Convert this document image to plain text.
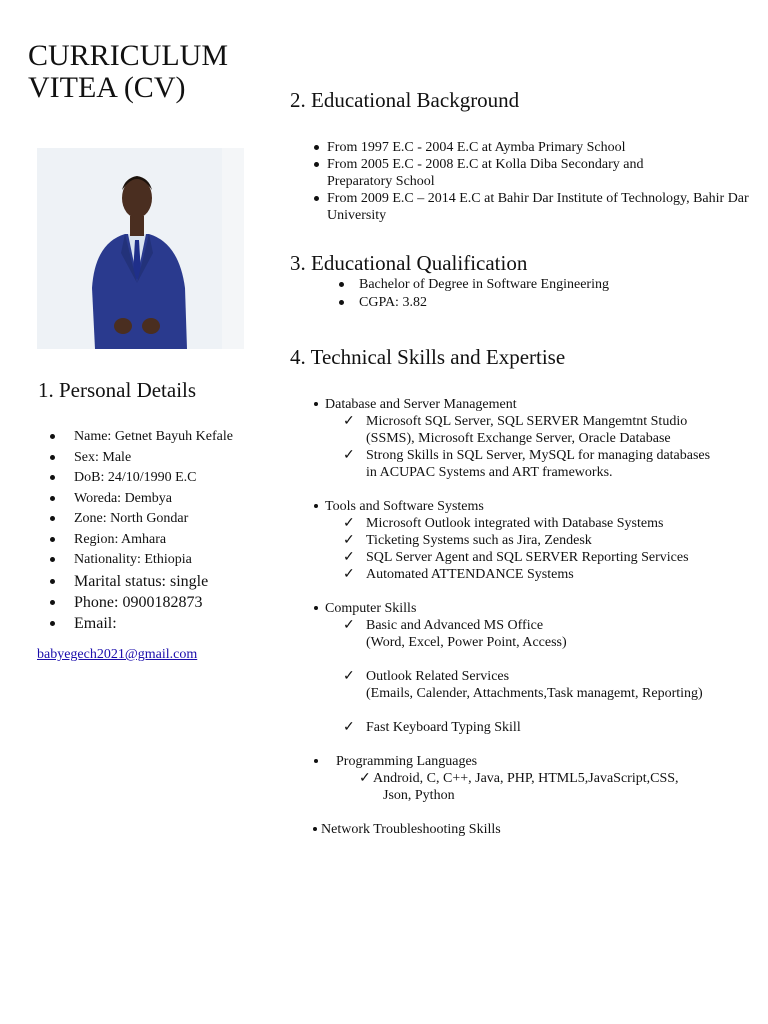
CURRICULUM
VITEA (CV)
1. Personal Details
Name: Getnet Bayuh Kefale
Sex: Male
DoB: 24/10/1990 E.C
Woreda: Dembya
Zone: North Gondar
Region: Amhara
Nationality: Ethiopia
Marital status: single
Phone: 0900182873
Email:
babyegech2021@gmail.com
2. Educational Background
From 1997 E.C - 2004 E.C at Aymba Primary School
From 2005 E.C - 2008 E.C at Kolla Diba Secondary and Preparatory School
From 2009 E.C – 2014 E.C at Bahir Dar Institute of Technology, Bahir Dar University
3. Educational Qualification
Bachelor of Degree in Software Engineering
CGPA: 3.82
4. Technical Skills and Expertise
Database and Server Management
✓ Microsoft SQL Server, SQL SERVER Mangemtnt Studio (SSMS), Microsoft Exchange Server, Oracle Database
✓ Strong Skills in SQL Server, MySQL for managing databases in ACUPAC Systems and ART frameworks.
Tools and Software Systems
✓ Microsoft Outlook integrated with Database Systems
✓ Ticketing Systems such as Jira, Zendesk
✓ SQL Server Agent and SQL SERVER Reporting Services
✓ Automated ATTENDANCE Systems
Computer Skills
✓ Basic and Advanced MS Office
(Word, Excel, Power Point, Access)
✓ Outlook Related Services
(Emails, Calender, Attachments,Task managemt, Reporting)
✓ Fast Keyboard Typing Skill
Programming Languages
✓ Android, C, C++, Java, PHP, HTML5,JavaScript,CSS,
Json, Python
Network Troubleshooting Skills
